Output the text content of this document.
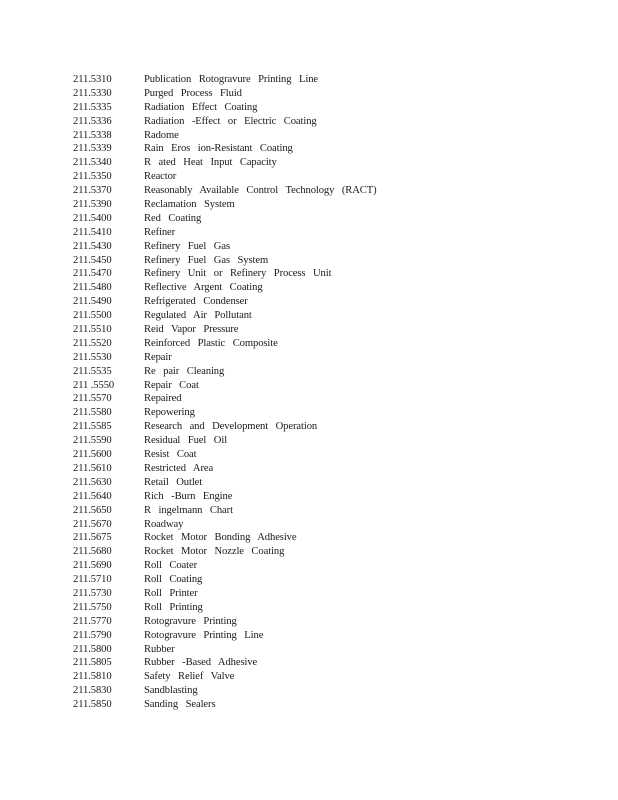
211.5310	Publication Rotogravure Printing Line
211.5330	Purged Process Fluid
211.5335	Radiation Effect Coating
211.5336	Radiation -Effect or Electric Coating
211.5338	Radome
211.5339	Rain Eros ion-Resistant Coating
211.5340	R ated Heat Input Capacity
211.5350	Reactor
211.5370	Reasonably Available Control Technology (RACT)
211.5390	Reclamation System
211.5400	Red Coating
211.5410	Refiner
211.5430	Refinery Fuel Gas
211.5450	Refinery Fuel Gas System
211.5470	Refinery Unit or Refinery Process Unit
211.5480	Reflective Argent Coating
211.5490	Refrigerated Condenser
211.5500	Regulated Air Pollutant
211.5510	Reid Vapor Pressure
211.5520	Reinforced Plastic Composite
211.5530	Repair
211.5535	Re pair Cleaning
211 .5550	Repair Coat
211.5570	Repaired
211.5580	Repowering
211.5585	Research and Development Operation
211.5590	Residual Fuel Oil
211.5600	Resist Coat
211.5610	Restricted Area
211.5630	Retail Outlet
211.5640	Rich -Burn Engine
211.5650	R ingelmann Chart
211.5670	Roadway
211.5675	Rocket Motor Bonding Adhesive
211.5680	Rocket Motor Nozzle Coating
211.5690	Roll Coater
211.5710	Roll Coating
211.5730	Roll Printer
211.5750	Roll Printing
211.5770	Rotogravure Printing
211.5790	Rotogravure Printing Line
211.5800	Rubber
211.5805	Rubber -Based Adhesive
211.5810	Safety Relief Valve
211.5830	Sandblasting
211.5850	Sanding Sealers
